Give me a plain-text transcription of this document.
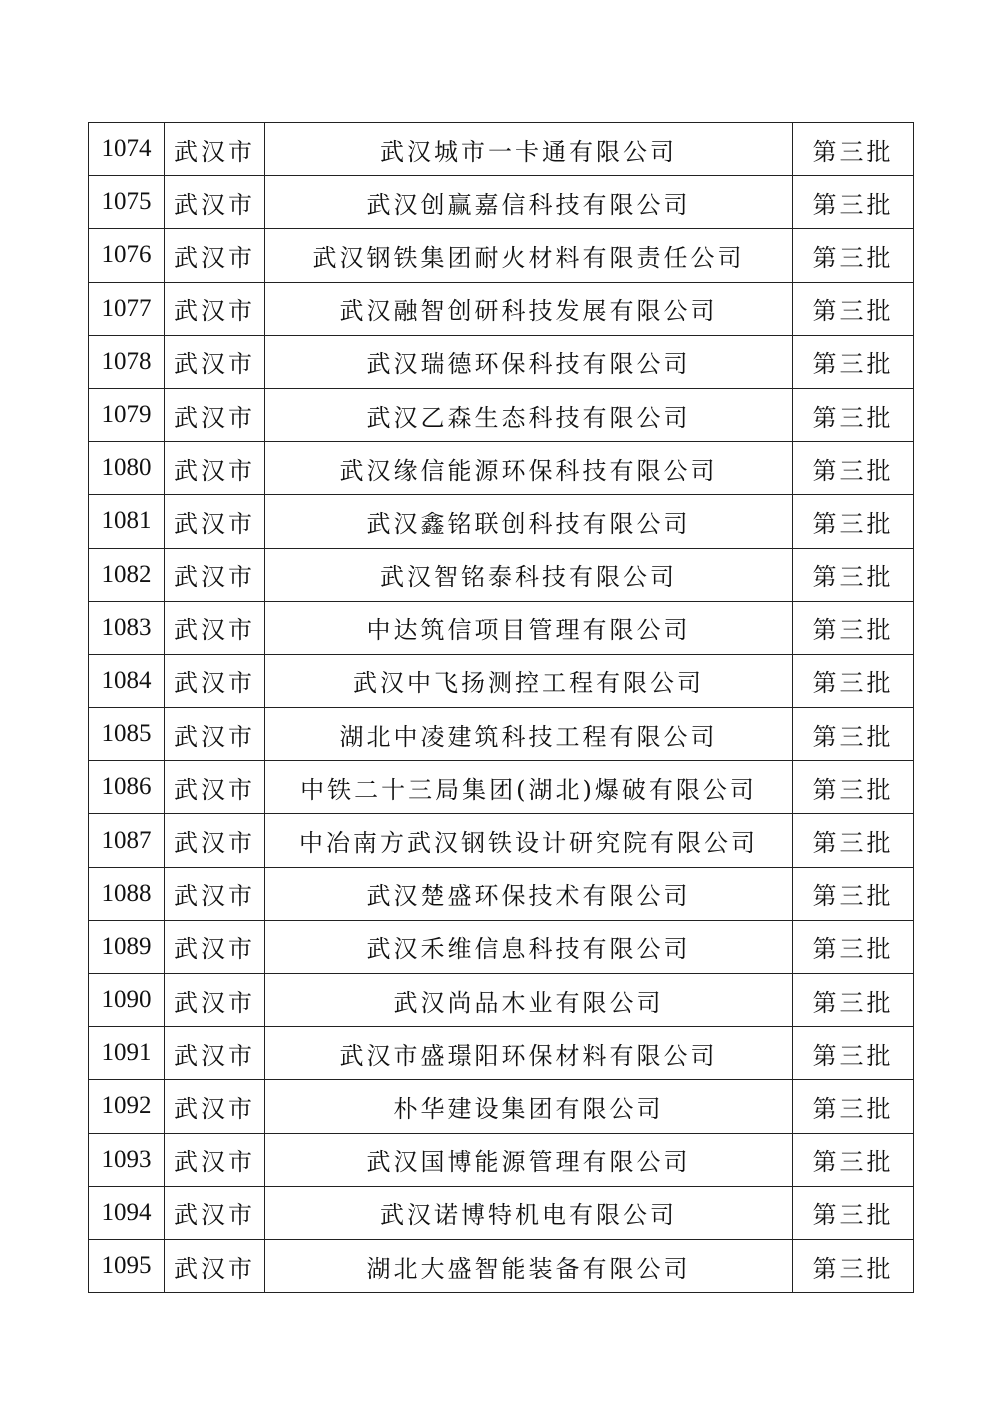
1074	武汉市	武汉城市一卡通有限公司	第三批
1075	武汉市	武汉创赢嘉信科技有限公司	第三批
1076	武汉市	武汉钢铁集团耐火材料有限责任公司	第三批
1077	武汉市	武汉融智创研科技发展有限公司	第三批
1078	武汉市	武汉瑞德环保科技有限公司	第三批
1079	武汉市	武汉乙森生态科技有限公司	第三批
1080	武汉市	武汉缘信能源环保科技有限公司	第三批
1081	武汉市	武汉鑫铭联创科技有限公司	第三批
1082	武汉市	武汉智铭泰科技有限公司	第三批
1083	武汉市	中达筑信项目管理有限公司	第三批
1084	武汉市	武汉中飞扬测控工程有限公司	第三批
1085	武汉市	湖北中凌建筑科技工程有限公司	第三批
1086	武汉市	中铁二十三局集团(湖北)爆破有限公司	第三批
1087	武汉市	中冶南方武汉钢铁设计研究院有限公司	第三批
1088	武汉市	武汉楚盛环保技术有限公司	第三批
1089	武汉市	武汉禾维信息科技有限公司	第三批
1090	武汉市	武汉尚品木业有限公司	第三批
1091	武汉市	武汉市盛璟阳环保材料有限公司	第三批
1092	武汉市	朴华建设集团有限公司	第三批
1093	武汉市	武汉国博能源管理有限公司	第三批
1094	武汉市	武汉诺博特机电有限公司	第三批
1095	武汉市	湖北大盛智能装备有限公司	第三批
